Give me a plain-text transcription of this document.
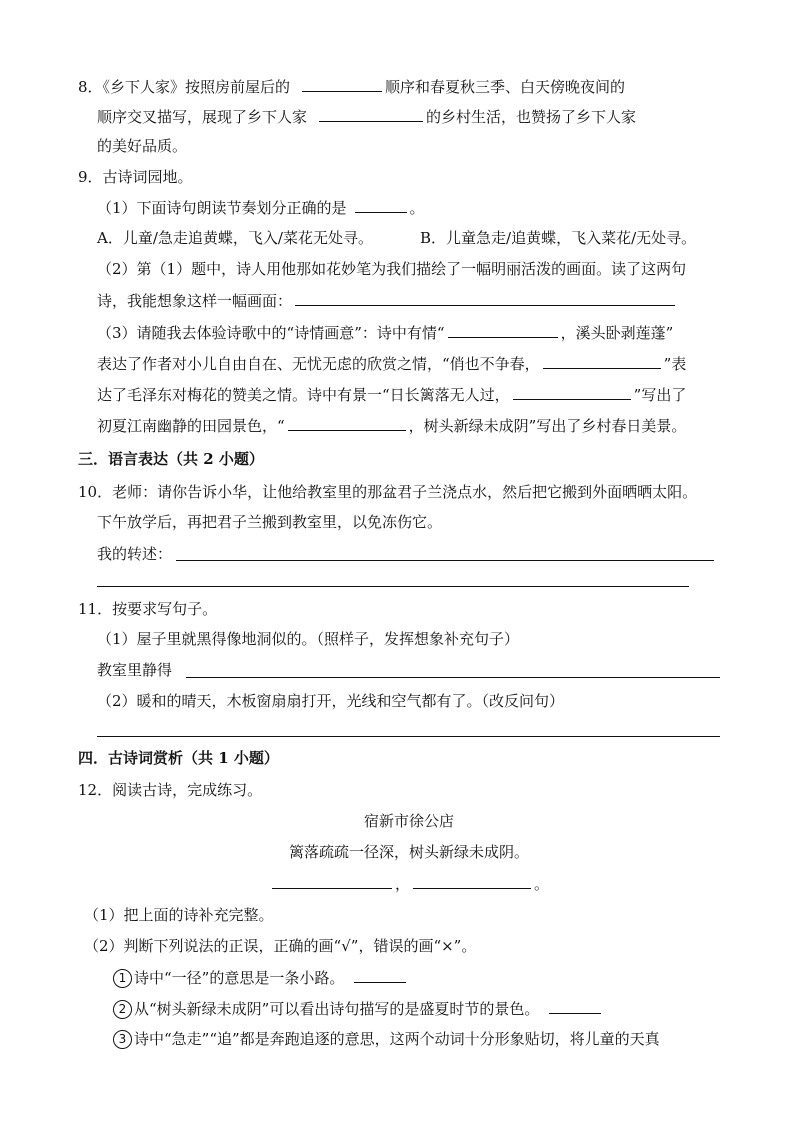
8．《乡下人家》按照房前屋后的	顺序和春夏秋三季、白天傍晚夜间的
顺序交叉描写，展现了乡下人家	的乡村生活，也赞扬了乡下人家
的美好品质。
9．古诗词园地。
（1）下面诗句朗读节奏划分正确的是	。
A．儿童/急走追黄蝶，飞入/菜花无处寻。	B．儿童急走/追黄蝶，飞入菜花/无处寻。
（2）第（1）题中，诗人用他那如花妙笔为我们描绘了一幅明丽活泼的画面。读了这两句
诗，我能想象这样一幅画面：
（3）请随我去体验诗歌中的“诗情画意”：诗中有情“	，溪头卧剥莲蓬”
表达了作者对小儿自由自在、无忧无虑的欣赏之情，“俏也不争春，	”表
达了毛泽东对梅花的赞美之情。诗中有景一“日长篱落无人过，	”写出了
初夏江南幽静的田园景色，“	，树头新绿未成阴”写出了乡村春日美景。
三．语言表达（共 2 小题）
10．老师：请你告诉小华，让他给教室里的那盆君子兰浇点水，然后把它搬到外面晒晒太阳。
下午放学后，再把君子兰搬到教室里，以免冻伤它。
我的转述：
11．按要求写句子。
（1）屋子里就黑得像地洞似的。（照样子，发挥想象补充句子）
教室里静得
（2）暖和的晴天，木板窗扇扇打开，光线和空气都有了。（改反问句）
四．古诗词赏析（共 1 小题）
12．阅读古诗，完成练习。
宿新市徐公店
篱落疏疏一径深，树头新绿未成阴。
，	。
（1）把上面的诗补充完整。
（2）判断下列说法的正误，正确的画“√”，错误的画“×”。
1 诗中“一径”的意思是一条小路。
2 从“树头新绿未成阴”可以看出诗句描写的是盛夏时节的景色。
3 诗中“急走”“追”都是奔跑追逐的意思，这两个动词十分形象贴切，将儿童的天真
